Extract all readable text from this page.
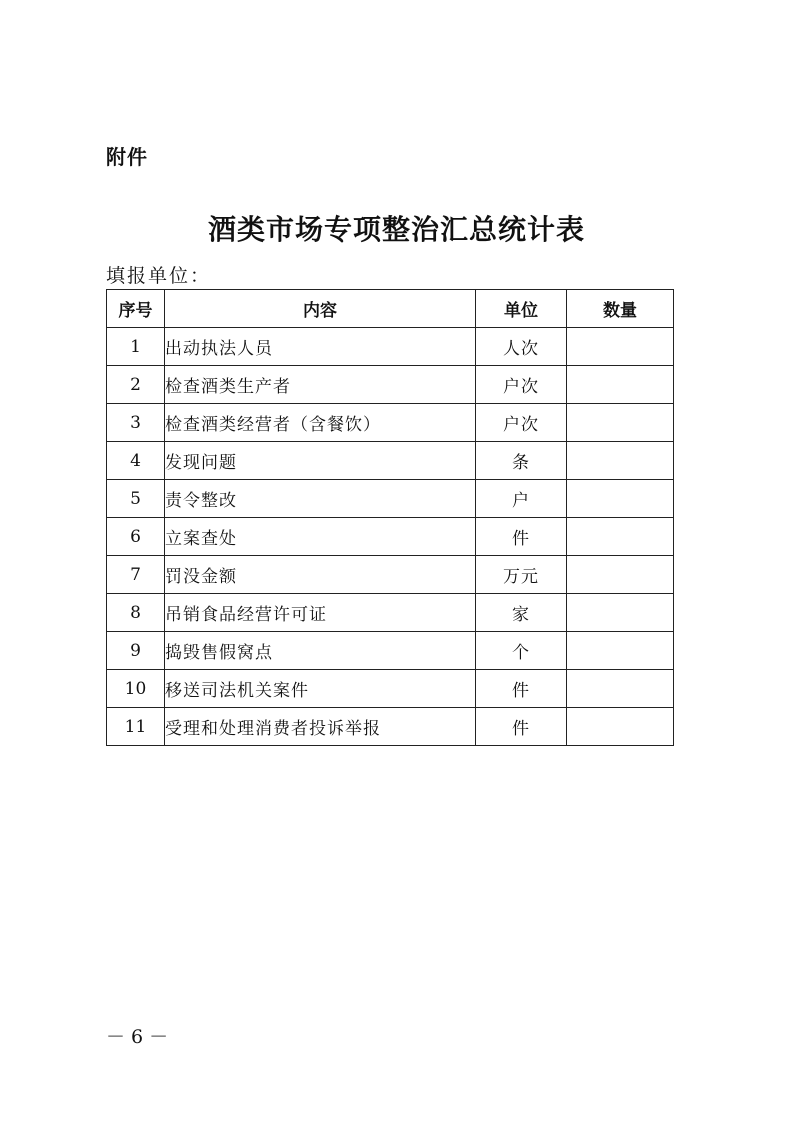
附件
酒类市场专项整治汇总统计表
填报单位：
序号	内容	单位	数量
1	出动执法人员	人次	
2	检查酒类生产者	户次	
3	检查酒类经营者（含餐饮）	户次	
4	发现问题	条	
5	责令整改	户	
6	立案查处	件	
7	罚没金额	万元	
8	吊销食品经营许可证	家	
9	捣毁售假窝点	个	
10	移送司法机关案件	件	
11	受理和处理消费者投诉举报	件	
－ 6 －
